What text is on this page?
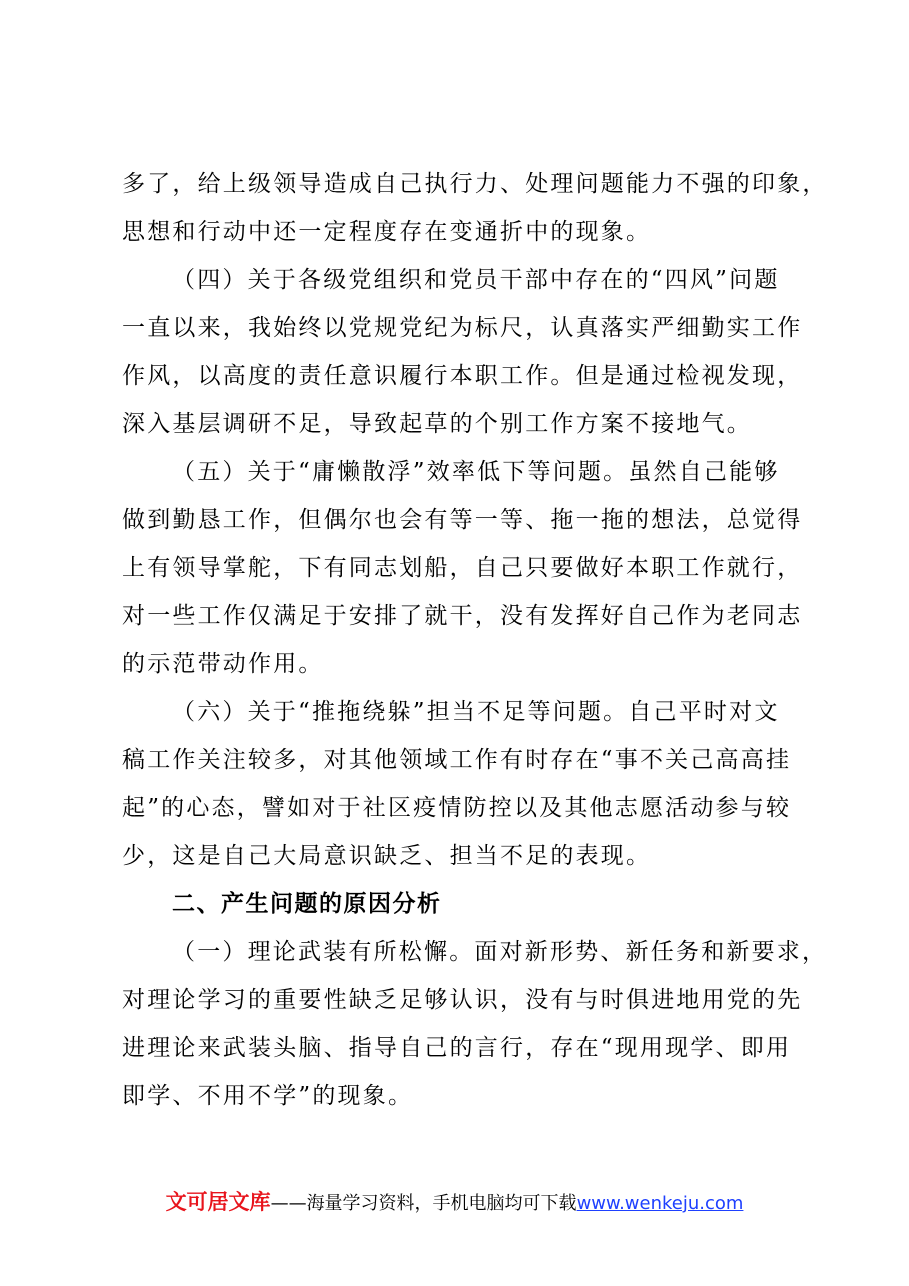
多了，给上级领导造成自己执行力、处理问题能力不强的印象，
思想和行动中还一定程度存在变通折中的现象。
（四）关于各级党组织和党员干部中存在的“四风”问题
一直以来，我始终以党规党纪为标尺，认真落实严细勤实工作
作风，以高度的责任意识履行本职工作。但是通过检视发现，
深入基层调研不足，导致起草的个别工作方案不接地气。
（五）关于“庸懒散浮”效率低下等问题。虽然自己能够
做到勤恳工作，但偶尔也会有等一等、拖一拖的想法，总觉得
上有领导掌舵，下有同志划船，自己只要做好本职工作就行，
对一些工作仅满足于安排了就干，没有发挥好自己作为老同志
的示范带动作用。
（六）关于“推拖绕躲”担当不足等问题。自己平时对文
稿工作关注较多，对其他领域工作有时存在“事不关己高高挂
起”的心态，譬如对于社区疫情防控以及其他志愿活动参与较
少，这是自己大局意识缺乏、担当不足的表现。
二、产生问题的原因分析
（一）理论武装有所松懈。面对新形势、新任务和新要求，
对理论学习的重要性缺乏足够认识，没有与时俱进地用党的先
进理论来武装头脑、指导自己的言行，存在“现用现学、即用
即学、不用不学”的现象。
文可居文库——海量学习资料，手机电脑均可下载www.wenkeju.com
